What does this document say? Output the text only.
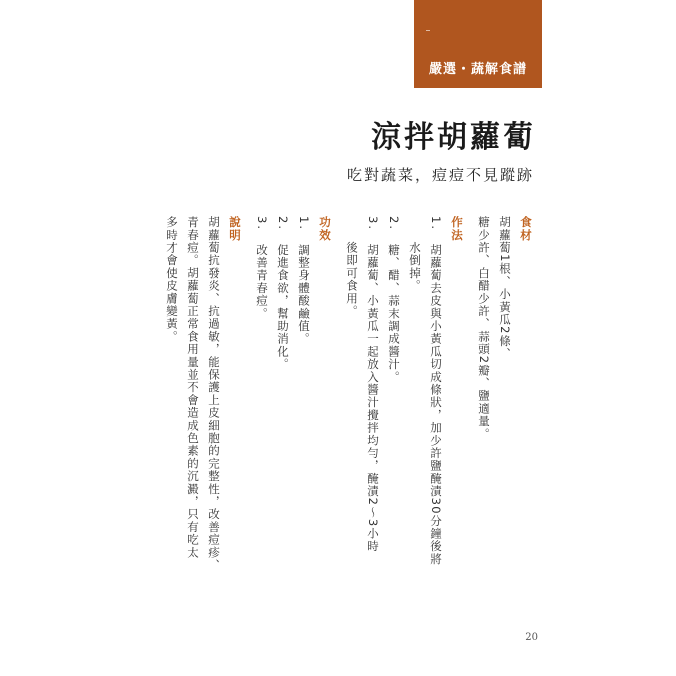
嚴選・蔬解食譜
涼拌胡蘿蔔
吃對蔬菜，痘痘不見蹤跡
食材
胡蘿蔔1根、小黃瓜2條、
糖少許、白醋少許、蒜頭2瓣、鹽適量。
作法
1.　胡蘿蔔去皮與小黃瓜切成條狀，加少許鹽醃漬30分鐘後將
　　水倒掉。
2.　糖、醋、蒜末調成醬汁。
3.　胡蘿蔔、小黃瓜一起放入醬汁攪拌均勻，醃漬2～3小時
　　後即可食用。
功效
1.　調整身體酸鹼值。
2.　促進食欲，幫助消化。
3.　改善青春痘。
說明
胡蘿蔔抗發炎、抗過敏，能保護上皮細胞的完整性，改善痘疹、
青春痘。胡蘿蔔正常食用量並不會造成色素的沉澱，只有吃太
多時才會使皮膚變黃。
20
